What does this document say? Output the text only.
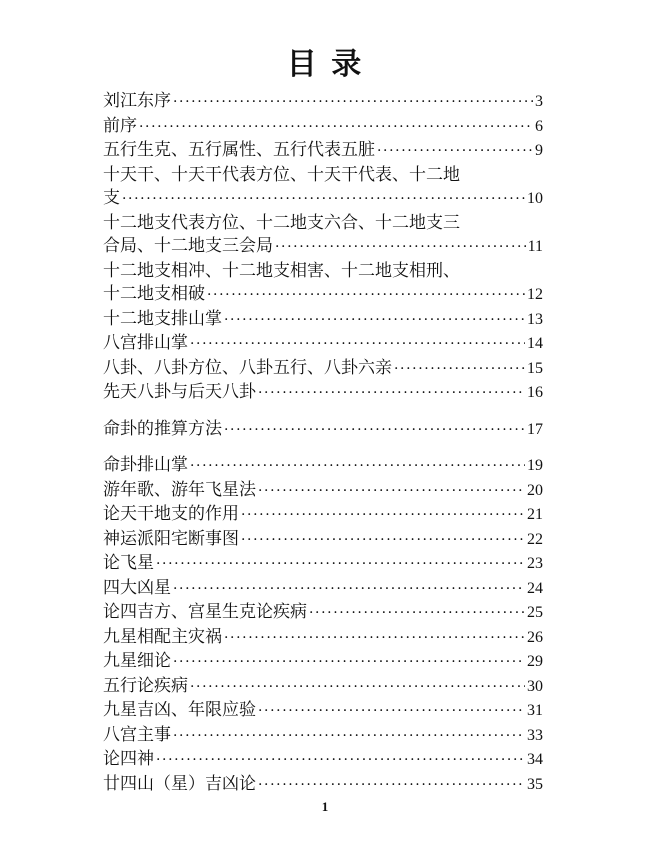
目 录
刘江东序 ·····	3
前序 ·····	6
五行生克、五行属性、五行代表五脏 ·····	9
十天干、十天干代表方位、十天干代表、十二地
支 ·····	10
十二地支代表方位、十二地支六合、十二地支三
合局、十二地支三会局 ·····	11
十二地支相冲、十二地支相害、十二地支相刑、
十二地支相破 ·····	12
十二地支排山掌 ·····	13
八宫排山掌 ·····	14
八卦、八卦方位、八卦五行、八卦六亲 ·····	15
先天八卦与后天八卦 ·····	16
命卦的推算方法 ·····	17
命卦排山掌 ·····	19
游年歌、游年飞星法 ·····	20
论天干地支的作用 ·····	21
神运派阳宅断事图 ·····	22
论飞星 ·····	23
四大凶星 ·····	24
论四吉方、宫星生克论疾病 ·····	25
九星相配主灾祸 ·····	26
九星细论 ·····	29
五行论疾病 ·····	30
九星吉凶、年限应验 ·····	31
八宫主事 ·····	33
论四神 ·····	34
廿四山（星）吉凶论 ·····	35
1
